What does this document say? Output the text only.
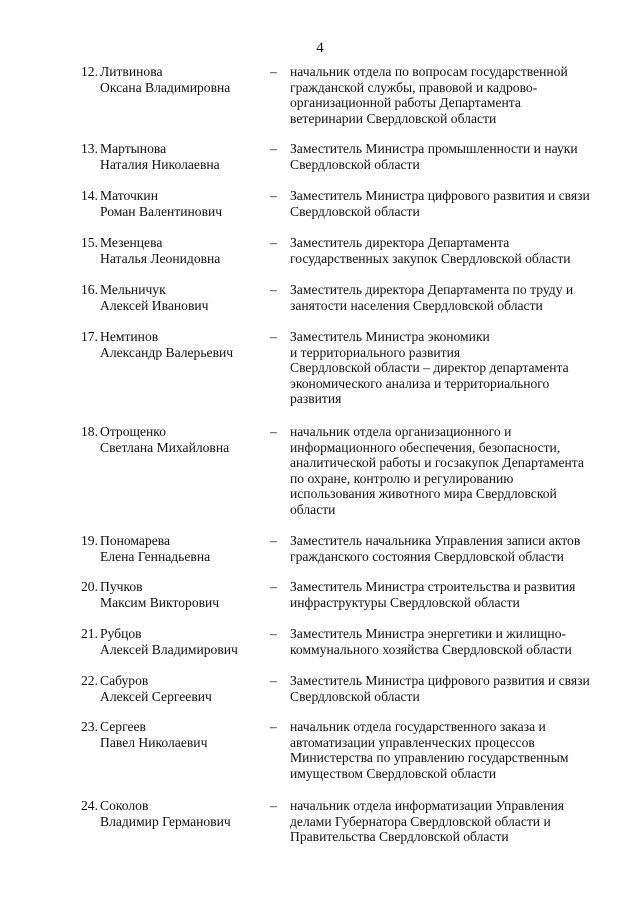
4
12. Литвинова
Оксана Владимировна
– начальник отдела по вопросам государственной
гражданской службы, правовой и кадрово-
организационной работы Департамента
ветеринарии Свердловской области
13. Мартынова
Наталия Николаевна
– Заместитель Министра промышленности и науки
Свердловской области
14. Маточкин
Роман Валентинович
– Заместитель Министра цифрового развития и связи
Свердловской области
15. Мезенцева
Наталья Леонидовна
– Заместитель директора Департамента
государственных закупок Свердловской области
16. Мельничук
Алексей Иванович
– Заместитель директора Департамента по труду и
занятости населения Свердловской области
17. Немтинов
Александр Валерьевич
– Заместитель Министра экономики
и территориального развития
Свердловской области – директор департамента
экономического анализа и территориального
развития
18. Отрощенко
Светлана Михайловна
– начальник отдела организационного и
информационного обеспечения, безопасности,
аналитической работы и госзакупок Департамента
по охране, контролю и регулированию
использования животного мира Свердловской
области
19. Пономарева
Елена Геннадьевна
– Заместитель начальника Управления записи актов
гражданского состояния Свердловской области
20. Пучков
Максим Викторович
– Заместитель Министра строительства и развития
инфраструктуры Свердловской области
21. Рубцов
Алексей Владимирович
– Заместитель Министра энергетики и жилищно-
коммунального хозяйства Свердловской области
22. Сабуров
Алексей Сергеевич
– Заместитель Министра цифрового развития и связи
Свердловской области
23. Сергеев
Павел Николаевич
– начальник отдела государственного заказа и
автоматизации управленческих процессов
Министерства по управлению государственным
имуществом Свердловской области
24. Соколов
Владимир Германович
– начальник отдела информатизации Управления
делами Губернатора Свердловской области и
Правительства Свердловской области
